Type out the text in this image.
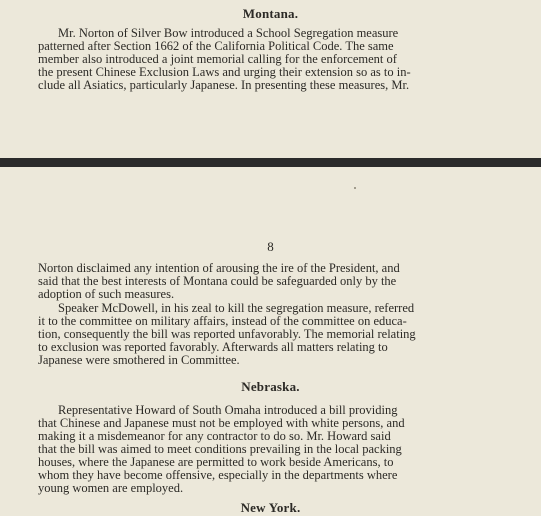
Montana.

Mr. Norton of Silver Bow introduced a School Segregation measure
patterned after Section 1662 of the California Political Code. The same
member also introduced a joint memorial calling for the enforcement of
the present Chinese Exclusion Laws and urging their extension so as to in-
clude all Asiatics, particularly Japanese. In presenting these measures, Mr.

8

Norton disclaimed any intention of arousing the ire of the President, and
said that the best interests of Montana could be safeguarded only by the
adoption of such measures.

Speaker McDowell, in his zeal to kill the segregation measure, referred
it to the committee on military affairs, instead of the committee on educa-
tion, consequently the bill was reported unfavorably. The memorial relating
to exclusion was reported favorably. Afterwards all matters relating to
Japanese were smothered in Committee.

Nebraska.

Representative Howard of South Omaha introduced a bill providing
that Chinese and Japanese must not be employed with white persons, and
making it a misdemeanor for any contractor to do so. Mr. Howard said
that the bill was aimed to meet conditions prevailing in the local packing
houses, where the Japanese are permitted to work beside Americans, to
whom they have become offensive, especially in the departments where
young women are employed.

New York.
